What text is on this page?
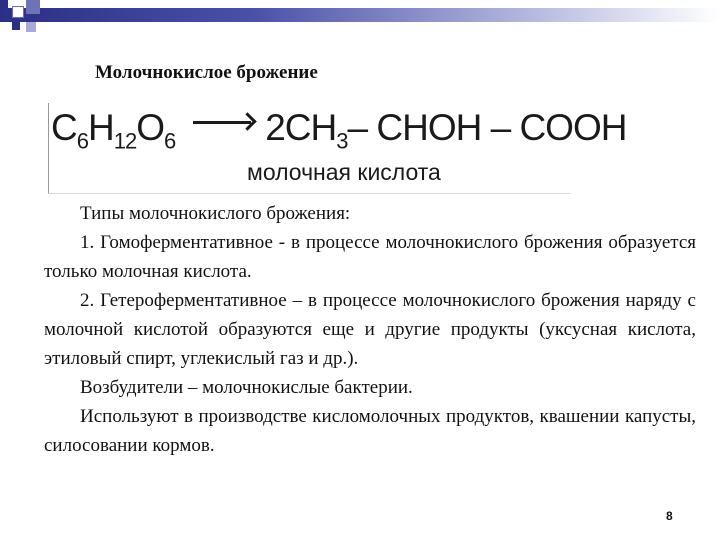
Молочнокислое брожение
$C_6H_{12}O_6$ $2CH_3-$ CHOH – COOH
молочная кислота

Типы молочнокислого брожения:

1. Гомоферментативное - в процессе молочнокислого брожения образуется только молочная кислота.

2. Гетероферментативное – в процессе молочнокислого брожения наряду с молочной кислотой образуются еще и другие продукты (уксусная кислота, этиловый спирт, углекислый газ и др.).

Возбудители – молочнокислые бактерии.

Используют в производстве кисломолочных продуктов, квашении капусты, силосовании кормов.

8
